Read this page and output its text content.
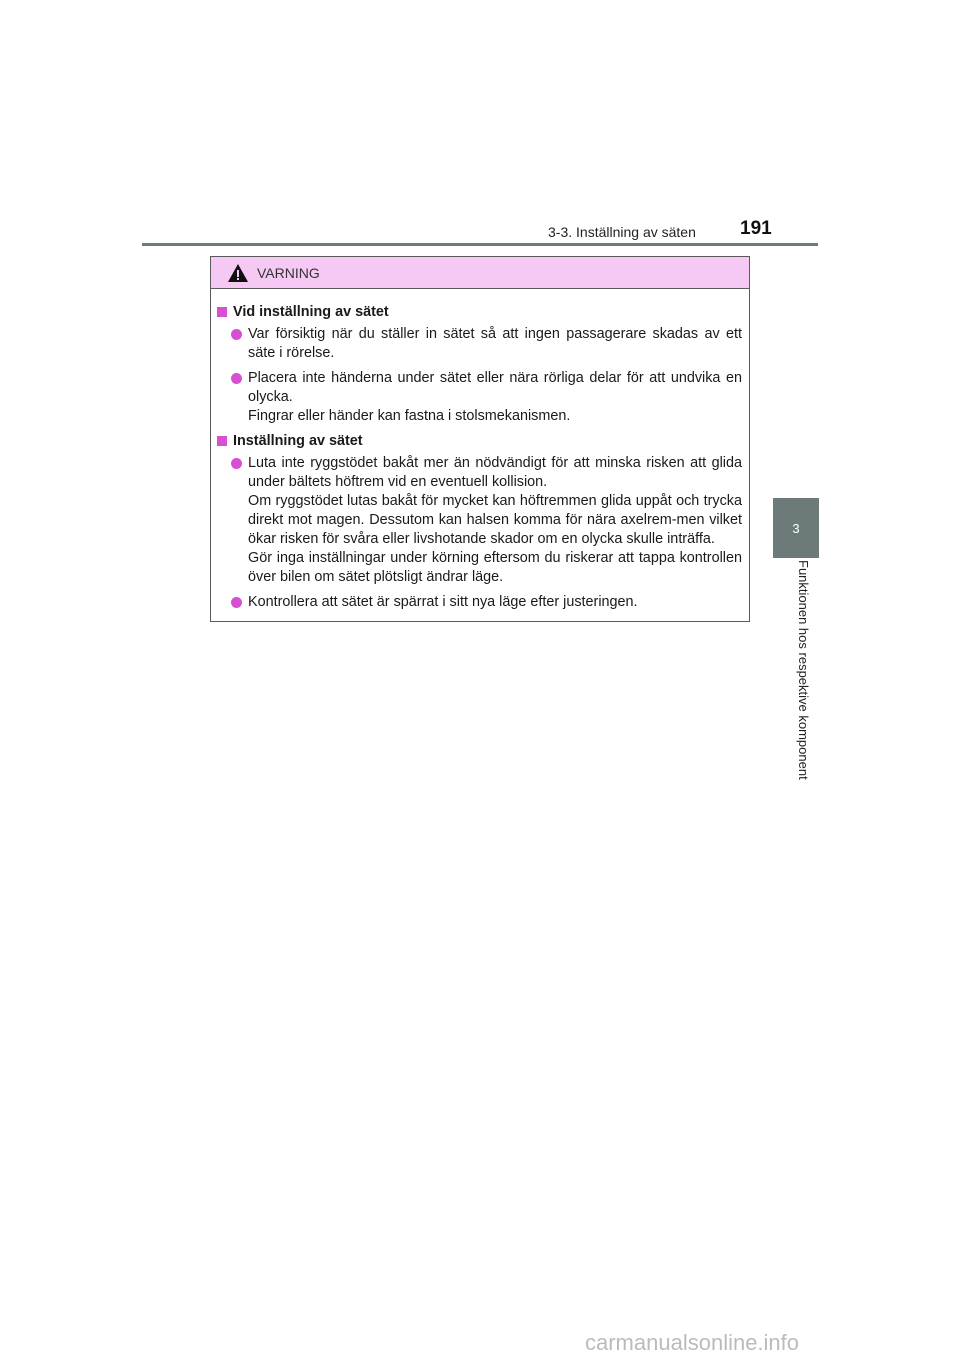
3-3. Inställning av säten 191
3
Funktionen hos respektive komponent
VARNING
Vid inställning av sätet
Var försiktig när du ställer in sätet så att ingen passagerare skadas av ett säte i rörelse.
Placera inte händerna under sätet eller nära rörliga delar för att undvika en olycka.
Fingrar eller händer kan fastna i stolsmekanismen.
Inställning av sätet
Luta inte ryggstödet bakåt mer än nödvändigt för att minska risken att glida under bältets höftrem vid en eventuell kollision.
Om ryggstödet lutas bakåt för mycket kan höftremmen glida uppåt och trycka direkt mot magen. Dessutom kan halsen komma för nära axelrem-men vilket ökar risken för svåra eller livshotande skador om en olycka skulle inträffa.
Gör inga inställningar under körning eftersom du riskerar att tappa kontrollen över bilen om sätet plötsligt ändrar läge.
Kontrollera att sätet är spärrat i sitt nya läge efter justeringen.
carmanualsonline.info
